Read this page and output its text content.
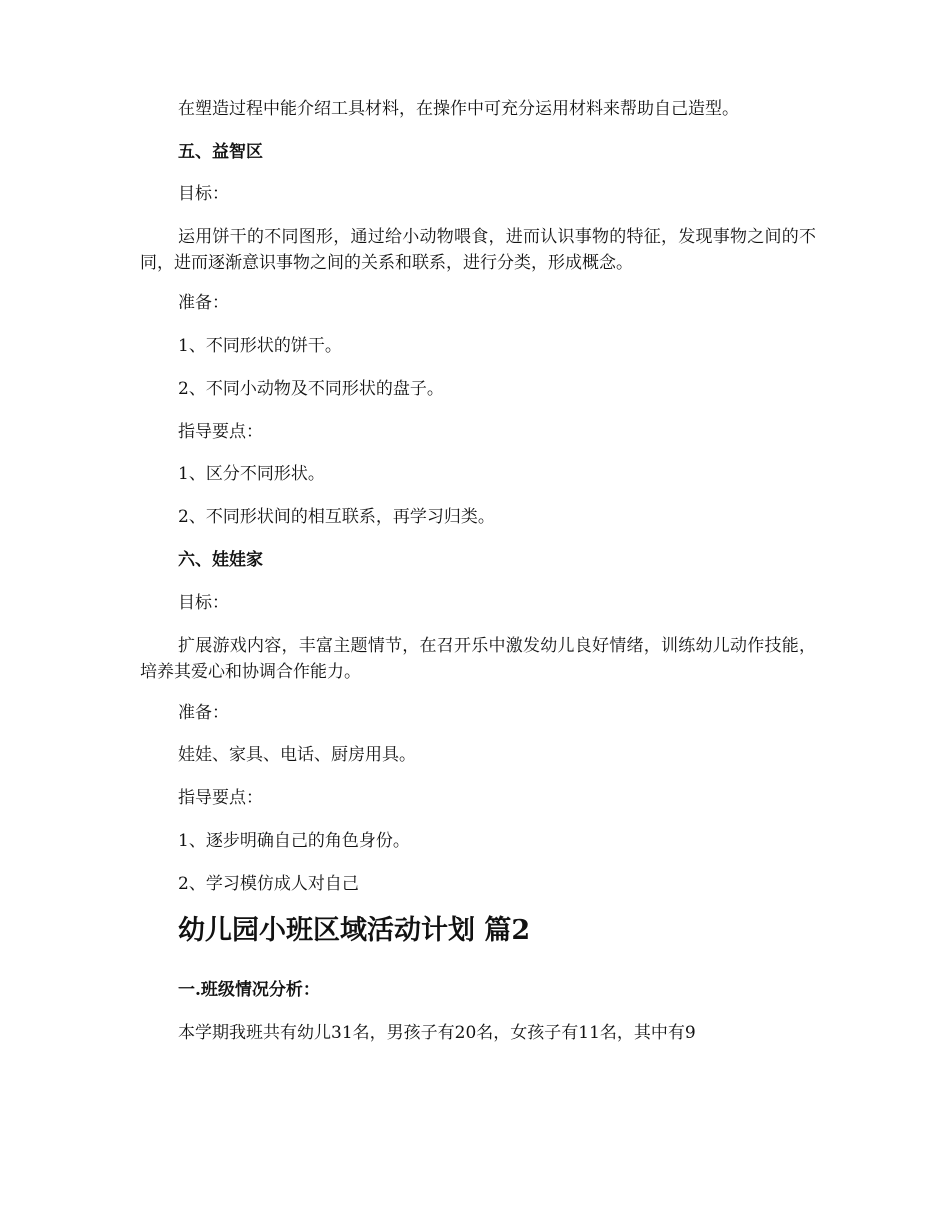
在塑造过程中能介绍工具材料，在操作中可充分运用材料来帮助自己造型。
五、益智区
目标：
运用饼干的不同图形，通过给小动物喂食，进而认识事物的特征，发现事物之间的不同，进而逐渐意识事物之间的关系和联系，进行分类，形成概念。
准备：
1、不同形状的饼干。
2、不同小动物及不同形状的盘子。
指导要点：
1、区分不同形状。
2、不同形状间的相互联系，再学习归类。
六、娃娃家
目标：
扩展游戏内容，丰富主题情节，在召开乐中激发幼儿良好情绪，训练幼儿动作技能，培养其爱心和协调合作能力。
准备：
娃娃、家具、电话、厨房用具。
指导要点：
1、逐步明确自己的角色身份。
2、学习模仿成人对自己
幼儿园小班区域活动计划 篇2
一.班级情况分析：
本学期我班共有幼儿31名，男孩子有20名，女孩子有11名，其中有9
